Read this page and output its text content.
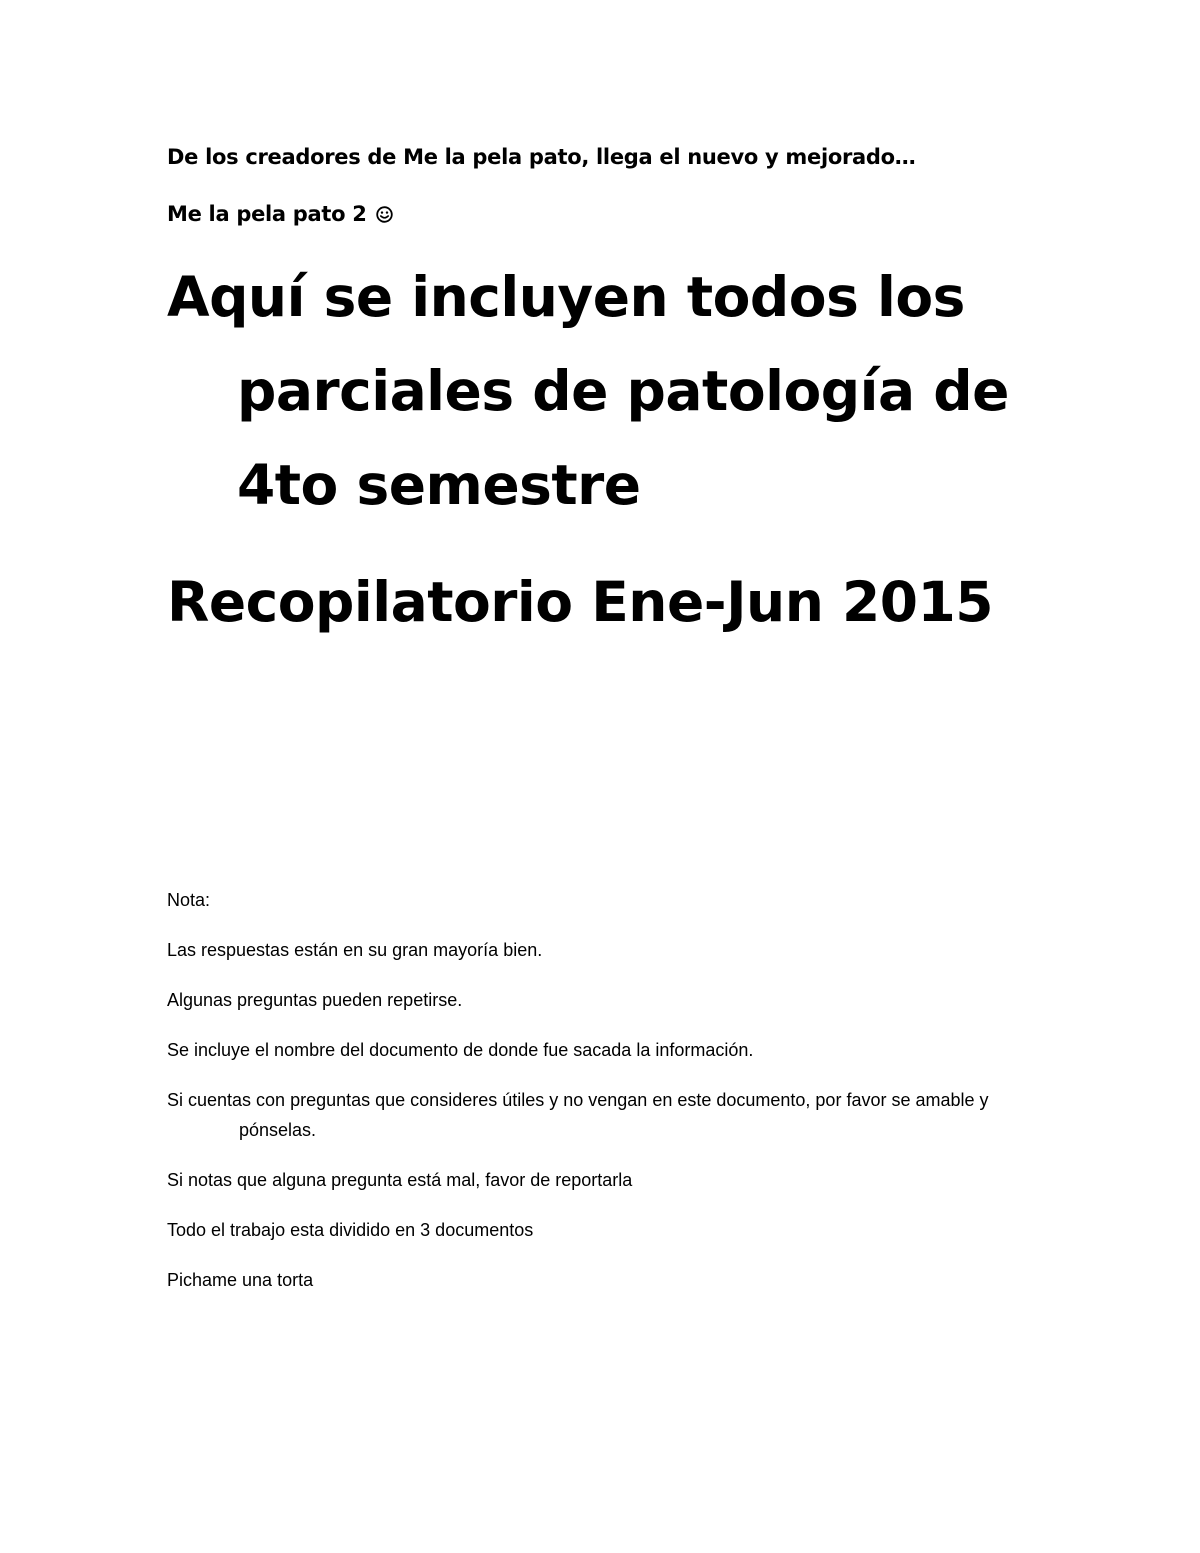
De los creadores de Me la pela pato, llega el nuevo y mejorado…
Me la pela pato 2
Aquí se incluyen todos los parciales de patología de 4to semestre
Recopilatorio Ene-Jun 2015

Nota:

Las respuestas están en su gran mayoría bien.

Algunas preguntas pueden repetirse.

Se incluye el nombre del documento de donde fue sacada la información.

Si cuentas con preguntas que consideres útiles y no vengan en este documento, por favor se amable y pónselas.

Si notas que alguna pregunta está mal, favor de reportarla

Todo el trabajo esta dividido en 3 documentos

Pichame una torta
